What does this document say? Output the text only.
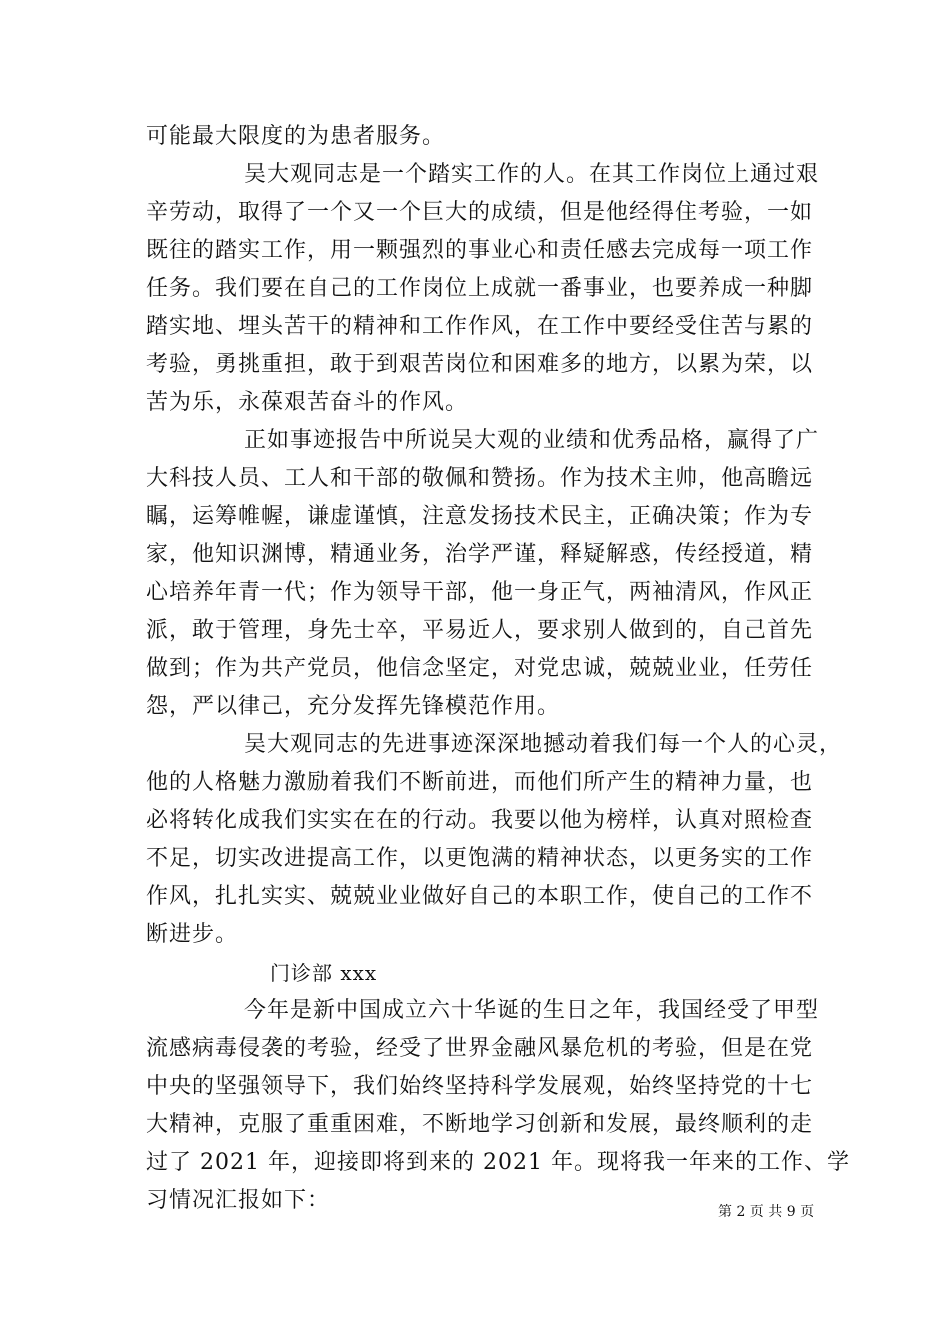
可能最大限度的为患者服务。
吴大观同志是一个踏实工作的人。在其工作岗位上通过艰
辛劳动，取得了一个又一个巨大的成绩，但是他经得住考验，一如
既往的踏实工作，用一颗强烈的事业心和责任感去完成每一项工作
任务。我们要在自己的工作岗位上成就一番事业，也要养成一种脚
踏实地、埋头苦干的精神和工作作风，在工作中要经受住苦与累的
考验，勇挑重担，敢于到艰苦岗位和困难多的地方，以累为荣，以
苦为乐，永葆艰苦奋斗的作风。
正如事迹报告中所说吴大观的业绩和优秀品格，赢得了广
大科技人员、工人和干部的敬佩和赞扬。作为技术主帅，他高瞻远
瞩，运筹帷幄，谦虚谨慎，注意发扬技术民主，正确决策；作为专
家，他知识渊博，精通业务，治学严谨，释疑解惑，传经授道，精
心培养年青一代；作为领导干部，他一身正气，两袖清风，作风正
派，敢于管理，身先士卒，平易近人，要求别人做到的，自己首先
做到；作为共产党员，他信念坚定，对党忠诚，兢兢业业，任劳任
怨，严以律己，充分发挥先锋模范作用。
吴大观同志的先进事迹深深地撼动着我们每一个人的心灵，
他的人格魅力激励着我们不断前进，而他们所产生的精神力量，也
必将转化成我们实实在在的行动。我要以他为榜样，认真对照检查
不足，切实改进提高工作，以更饱满的精神状态，以更务实的工作
作风，扎扎实实、兢兢业业做好自己的本职工作，使自己的工作不
断进步。
门诊部 xxx
今年是新中国成立六十华诞的生日之年，我国经受了甲型
流感病毒侵袭的考验，经受了世界金融风暴危机的考验，但是在党
中央的坚强领导下，我们始终坚持科学发展观，始终坚持党的十七
大精神，克服了重重困难，不断地学习创新和发展，最终顺利的走
过了 2021 年，迎接即将到来的 2021 年。现将我一年来的工作、学
习情况汇报如下：	第 2 页 共 9 页
